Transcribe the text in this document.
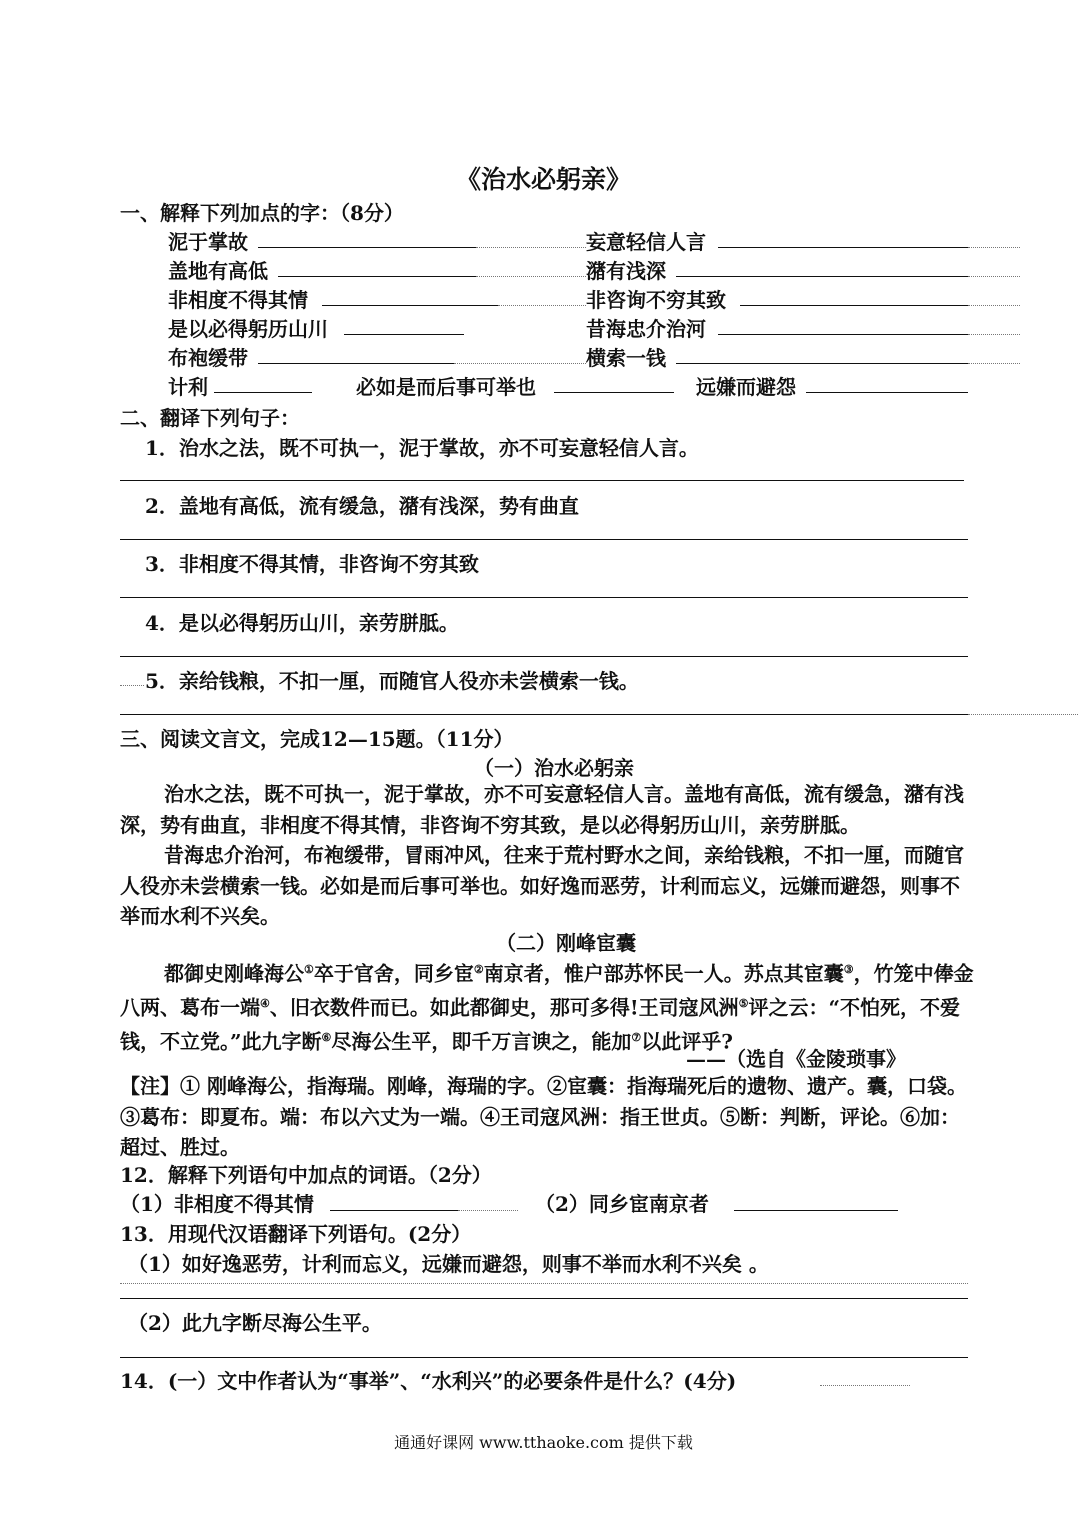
《治水必躬亲》
一、解释下列加点的字：（8分）
泥于掌故	妄意轻信人言
盖地有高低	潴有浅深
非相度不得其情	非咨询不穷其致
是以必得躬历山川	昔海忠介治河
布袍缓带	横索一钱
计利	必如是而后事可举也	远嫌而避怨
二、翻译下列句子：
1．治水之法，既不可执一，泥于掌故，亦不可妄意轻信人言。
2．盖地有高低，流有缓急，潴有浅深，势有曲直
3．非相度不得其情，非咨询不穷其致
4．是以必得躬历山川，亲劳胼胝。
5．亲给钱粮，不扣一厘，而随官人役亦未尝横索一钱。
三、阅读文言文，完成12—15题。（11分）
（一）治水必躬亲

治水之法，既不可执一，泥于掌故，亦不可妄意轻信人言。盖地有高低，流有缓急，潴有浅深，势有曲直，非相度不得其情，非咨询不穷其致，是以必得躬历山川，亲劳胼胝。

昔海忠介治河，布袍缓带，冒雨冲风，往来于荒村野水之间，亲给钱粮，不扣一厘，而随官人役亦未尝横索一钱。必如是而后事可举也。如好逸而恶劳，计利而忘义，远嫌而避怨，则事不举而水利不兴矣。

（二）刚峰宦囊

都御史刚峰海公①卒于官舍，同乡宦②南京者，惟户部苏怀民一人。苏点其宦囊③，竹笼中俸金八两、葛布一端④、旧衣数件而已。如此都御史，那可多得!王司寇风洲⑤评之云：“不怕死，不爱钱，不立党。”此九字断⑥尽海公生平，即千万言谀之，能加⑦以此评乎?

——（选自《金陵琐事》
【注】① 刚峰海公，指海瑞。刚峰，海瑞的字。②宦囊：指海瑞死后的遗物、遗产。囊，口袋。③葛布：即夏布。端：布以六丈为一端。④王司寇风洲：指王世贞。⑤断：判断，评论。⑥加：超过、胜过。
12．解释下列语句中加点的词语。（2分）
（1）非相度不得其情	（2）同乡宦南京者
13．用现代汉语翻译下列语句。(2分）
（1）如好逸恶劳，计利而忘义，远嫌而避怨，则事不举而水利不兴矣 。
（2）此九字断尽海公生平。
14．(一）文中作者认为“事举”、“水利兴”的必要条件是什么？(4分)
通通好课网 www.tthaoke.com 提供下载
